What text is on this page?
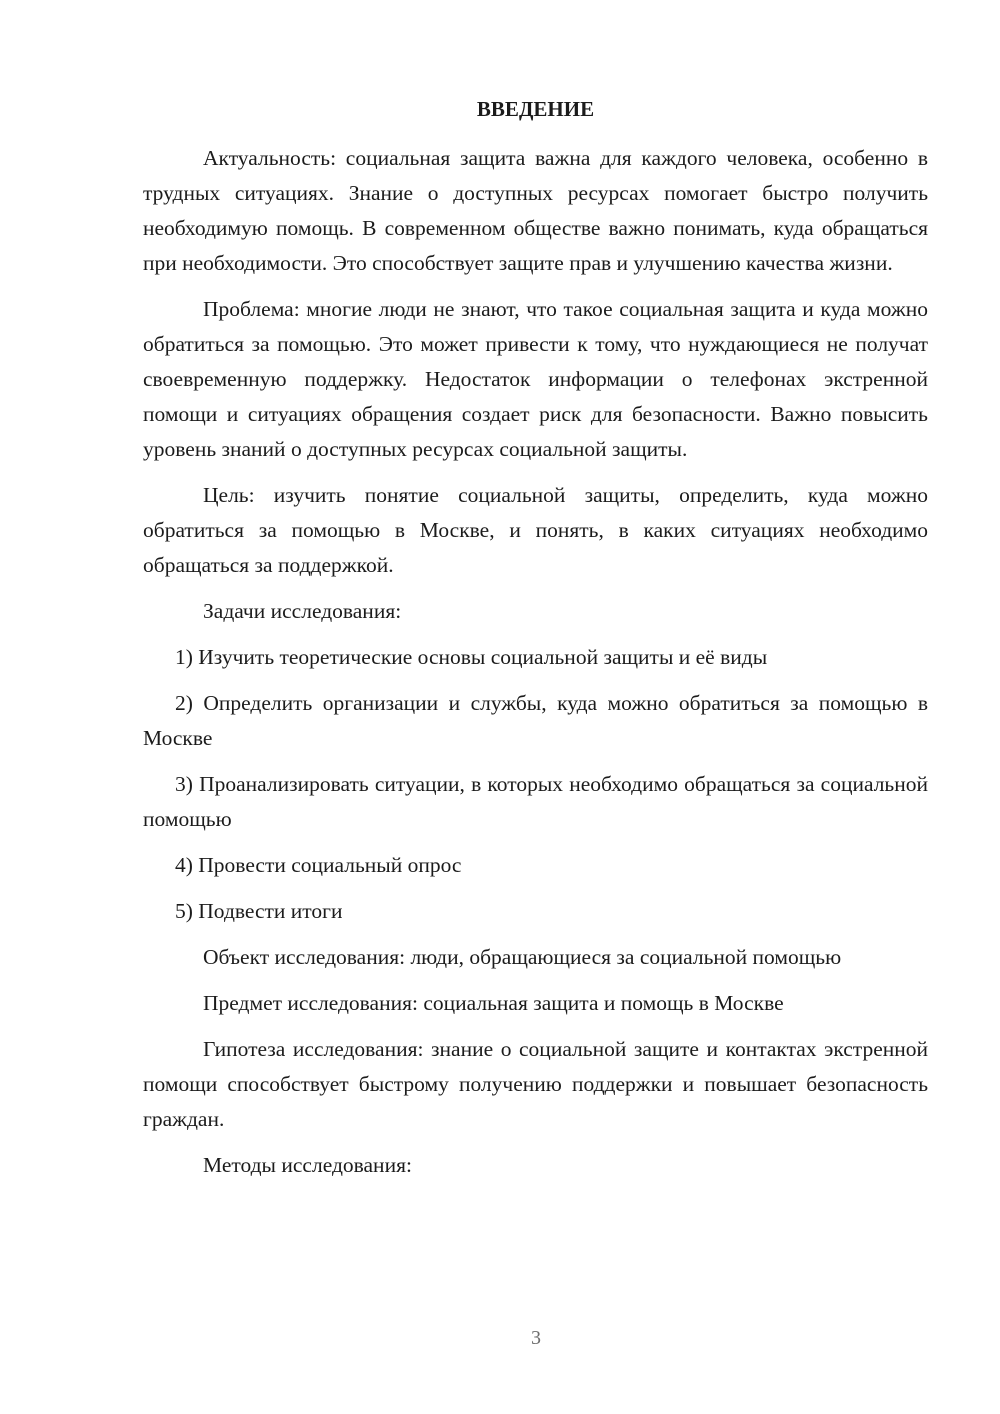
ВВЕДЕНИЕ
Актуальность: социальная защита важна для каждого человека, особенно в трудных ситуациях. Знание о доступных ресурсах помогает быстро получить необходимую помощь. В современном обществе важно понимать, куда обращаться при необходимости. Это способствует защите прав и улучшению качества жизни.
Проблема: многие люди не знают, что такое социальная защита и куда можно обратиться за помощью. Это может привести к тому, что нуждающиеся не получат своевременную поддержку. Недостаток информации о телефонах экстренной помощи и ситуациях обращения создает риск для безопасности. Важно повысить уровень знаний о доступных ресурсах социальной защиты.
Цель: изучить понятие социальной защиты, определить, куда можно обратиться за помощью в Москве, и понять, в каких ситуациях необходимо обращаться за поддержкой.
Задачи исследования:
1) Изучить теоретические основы социальной защиты и её виды
2) Определить организации и службы, куда можно обратиться за помощью в Москве
3) Проанализировать ситуации, в которых необходимо обращаться за социальной помощью
4) Провести социальный опрос
5) Подвести итоги
Объект исследования: люди, обращающиеся за социальной помощью
Предмет исследования: социальная защита и помощь в Москве
Гипотеза исследования: знание о социальной защите и контактах экстренной помощи способствует быстрому получению поддержки и повышает безопасность граждан.
Методы исследования:
3
